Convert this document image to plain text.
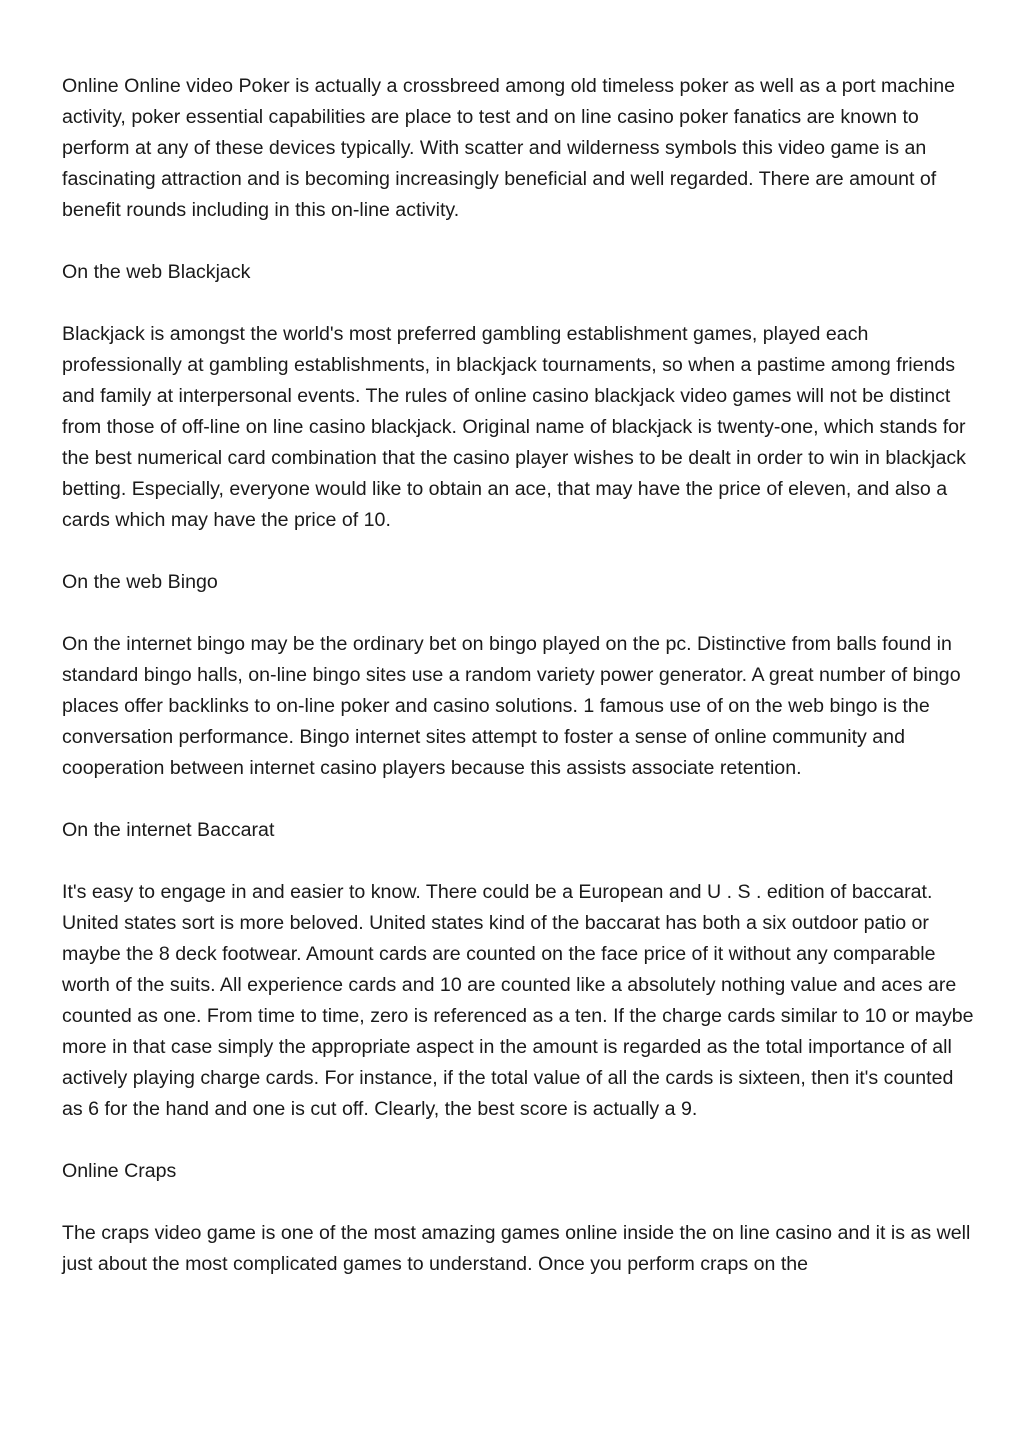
Online Online video Poker is actually a crossbreed among old timeless poker as well as a port machine activity, poker essential capabilities are place to test and on line casino poker fanatics are known to perform at any of these devices typically. With scatter and wilderness symbols this video game is an fascinating attraction and is becoming increasingly beneficial and well regarded. There are amount of benefit rounds including in this on-line activity.

On the web Blackjack

Blackjack is amongst the world's most preferred gambling establishment games, played each professionally at gambling establishments, in blackjack tournaments, so when a pastime among friends and family at interpersonal events. The rules of online casino blackjack video games will not be distinct from those of off-line on line casino blackjack. Original name of blackjack is twenty-one, which stands for the best numerical card combination that the casino player wishes to be dealt in order to win in blackjack betting. Especially, everyone would like to obtain an ace, that may have the price of eleven, and also a cards which may have the price of 10.

On the web Bingo

On the internet bingo may be the ordinary bet on bingo played on the pc. Distinctive from balls found in standard bingo halls, on-line bingo sites use a random variety power generator. A great number of bingo places offer backlinks to on-line poker and casino solutions. 1 famous use of on the web bingo is the conversation performance. Bingo internet sites attempt to foster a sense of online community and cooperation between internet casino players because this assists associate retention.

On the internet Baccarat

It's easy to engage in and easier to know. There could be a European and U . S . edition of baccarat. United states sort is more beloved. United states kind of the baccarat has both a six outdoor patio or maybe the 8 deck footwear. Amount cards are counted on the face price of it without any comparable worth of the suits. All experience cards and 10 are counted like a absolutely nothing value and aces are counted as one. From time to time, zero is referenced as a ten. If the charge cards similar to 10 or maybe more in that case simply the appropriate aspect in the amount is regarded as the total importance of all actively playing charge cards. For instance, if the total value of all the cards is sixteen, then it's counted as 6 for the hand and one is cut off. Clearly, the best score is actually a 9.

Online Craps

The craps video game is one of the most amazing games online inside the on line casino and it is as well just about the most complicated games to understand. Once you perform craps on the
